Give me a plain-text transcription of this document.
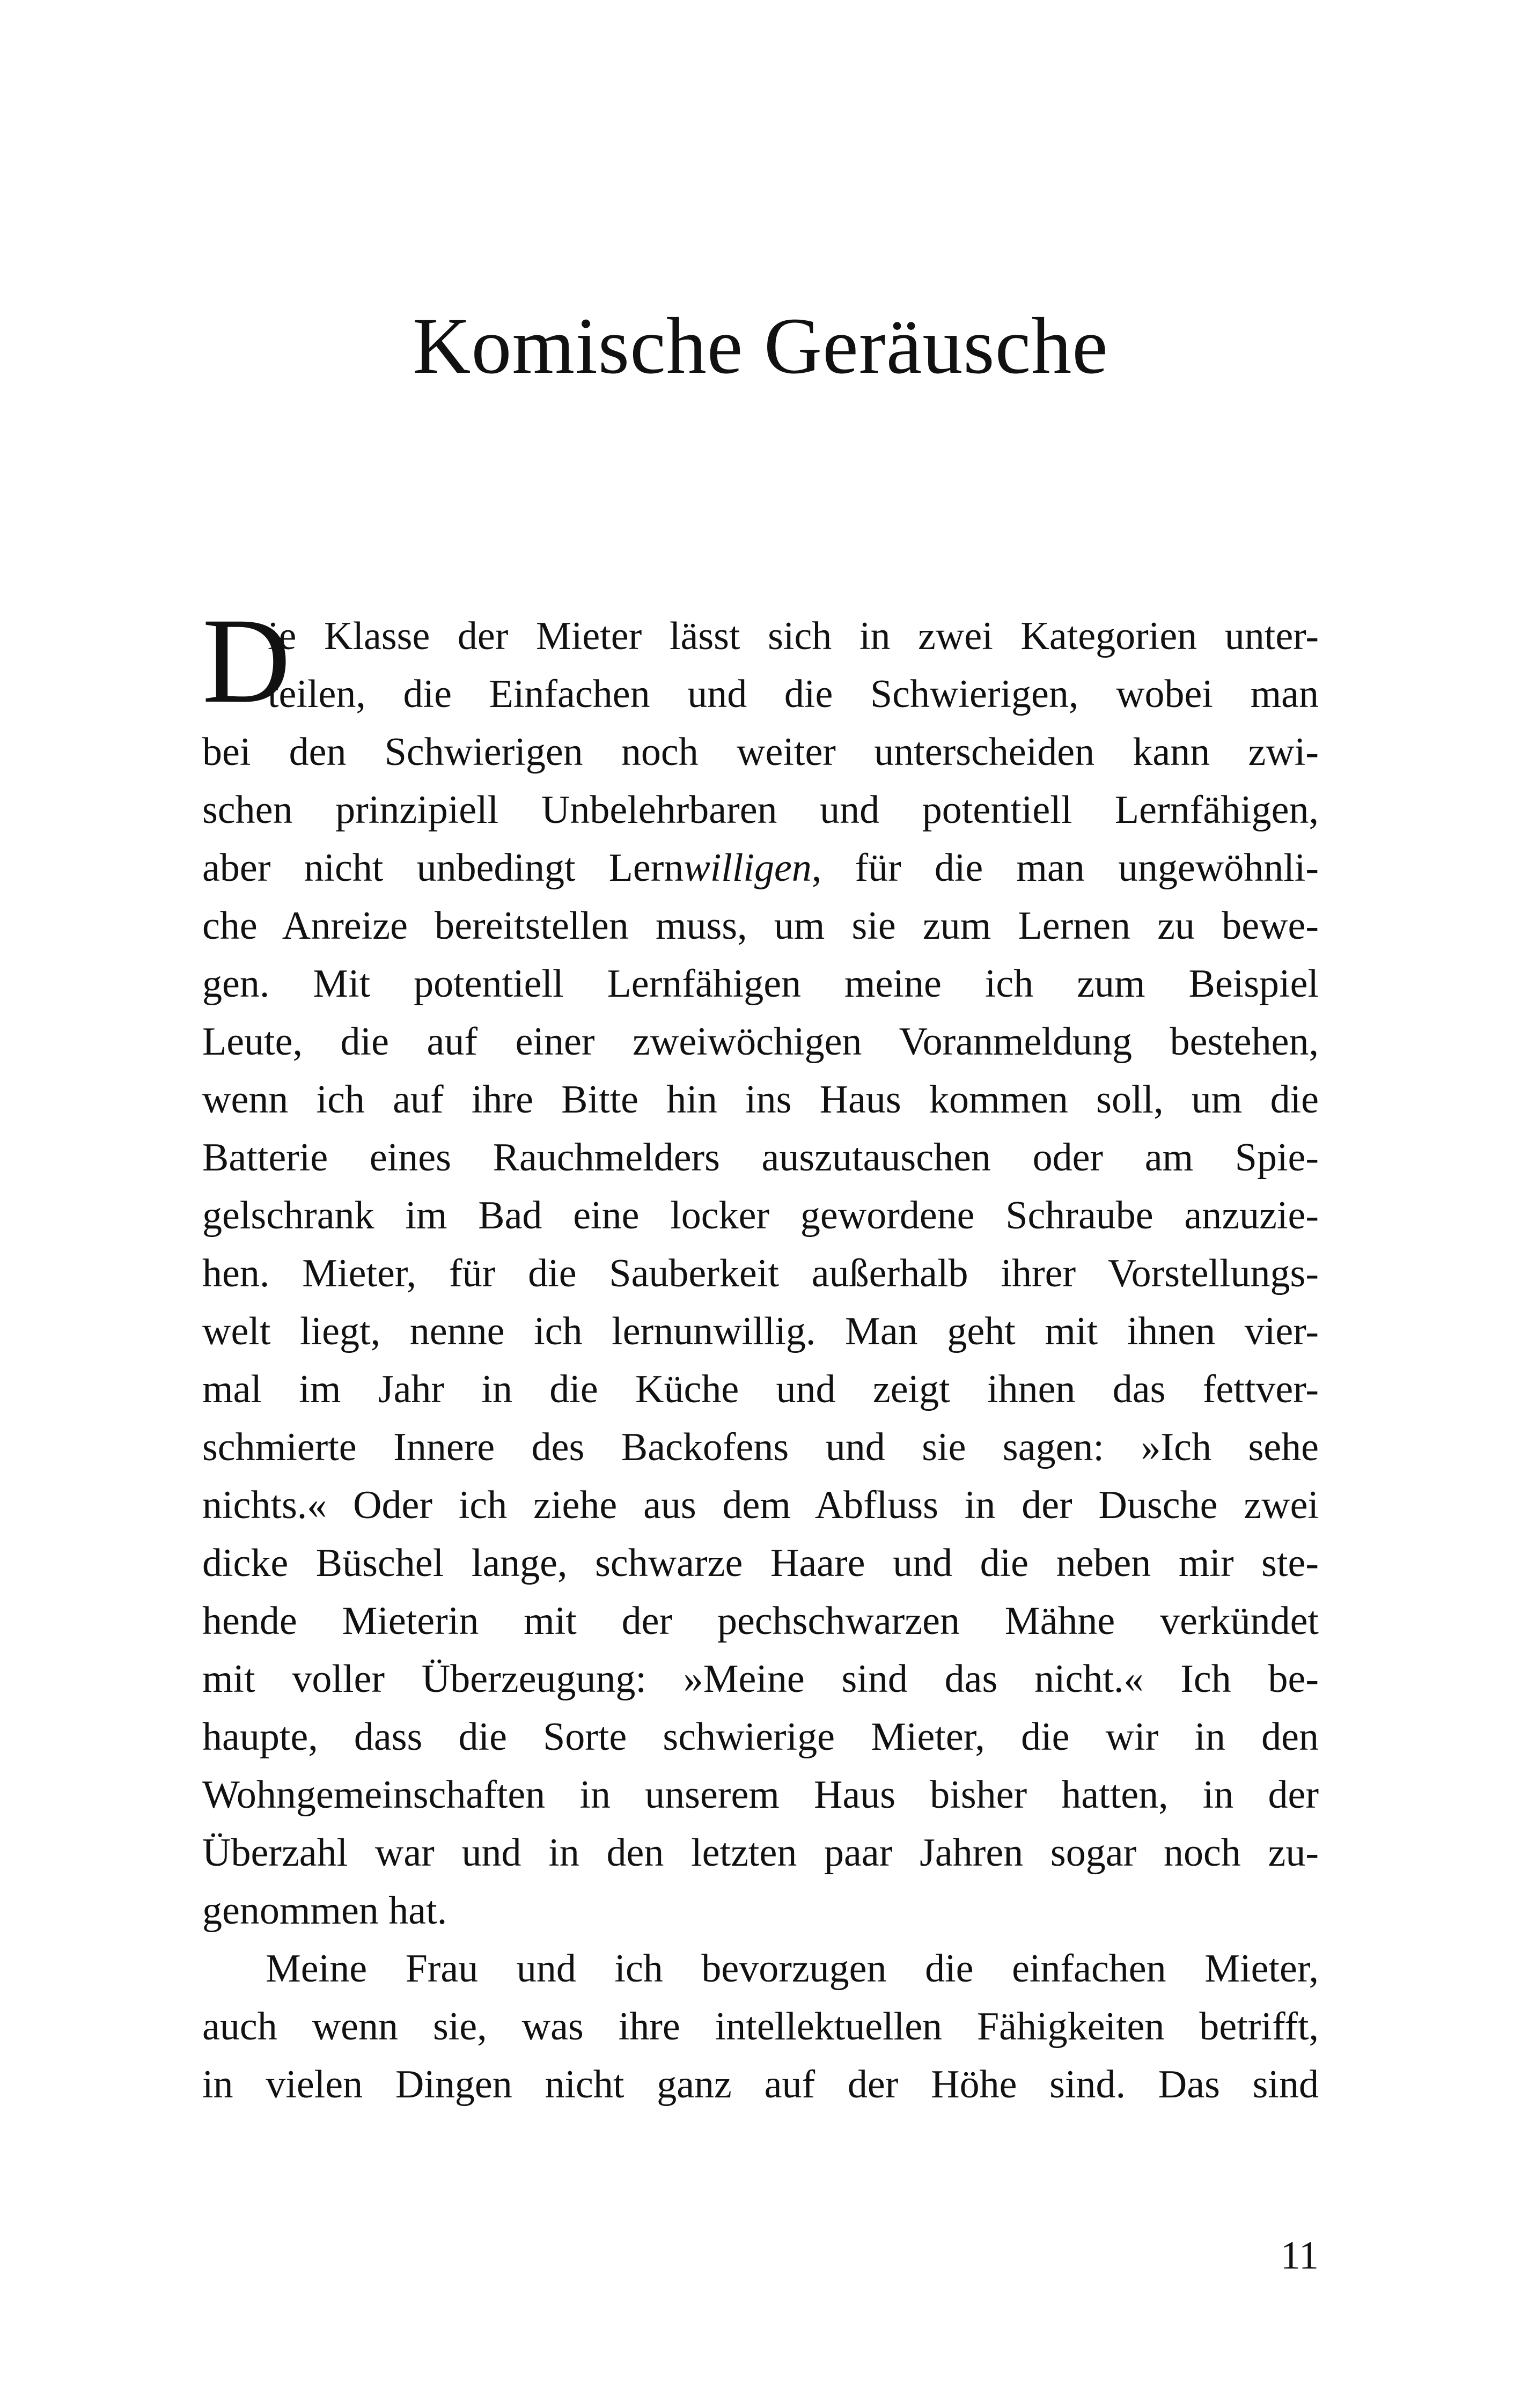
Komische Geräusche
D
ie Klasse der Mieter lässt sich in zwei Kategorien unter-
teilen, die Einfachen und die Schwierigen, wobei man
bei den Schwierigen noch weiter unterscheiden kann zwi-
schen prinzipiell Unbelehrbaren und potentiell Lernfähigen,
aber nicht unbedingt Lernwilligen, für die man ungewöhnli-
che Anreize bereitstellen muss, um sie zum Lernen zu bewe-
gen. Mit potentiell Lernfähigen meine ich zum Beispiel
Leute, die auf einer zweiwöchigen Voranmeldung bestehen,
wenn ich auf ihre Bitte hin ins Haus kommen soll, um die
Batterie eines Rauchmelders auszutauschen oder am Spie-
gelschrank im Bad eine locker gewordene Schraube anzuzie-
hen. Mieter, für die Sauberkeit außerhalb ihrer Vorstellungs-
welt liegt, nenne ich lernunwillig. Man geht mit ihnen vier-
mal im Jahr in die Küche und zeigt ihnen das fettver-
schmierte Innere des Backofens und sie sagen: »Ich sehe
nichts.« Oder ich ziehe aus dem Abfluss in der Dusche zwei
dicke Büschel lange, schwarze Haare und die neben mir ste-
hende Mieterin mit der pechschwarzen Mähne verkündet
mit voller Überzeugung: »Meine sind das nicht.« Ich be-
haupte, dass die Sorte schwierige Mieter, die wir in den
Wohngemeinschaften in unserem Haus bisher hatten, in der
Überzahl war und in den letzten paar Jahren sogar noch zu-
genommen hat.
Meine Frau und ich bevorzugen die einfachen Mieter,
auch wenn sie, was ihre intellektuellen Fähigkeiten betrifft,
in vielen Dingen nicht ganz auf der Höhe sind. Das sind
11
